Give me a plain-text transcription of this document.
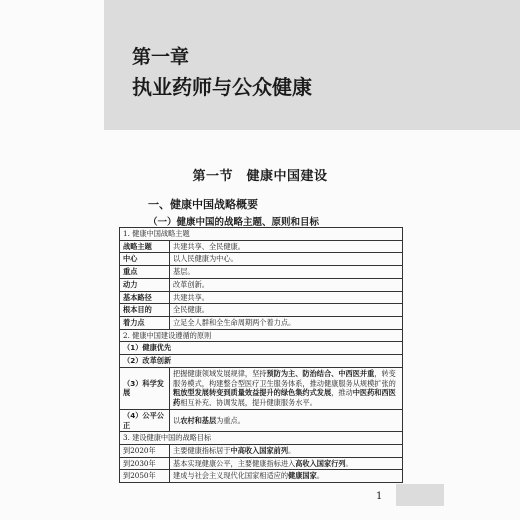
第一章
执业药师与公众健康
第一节　健康中国建设
一、健康中国战略概要
（一）健康中国的战略主题、原则和目标
1. 健康中国战略主题	
战略主题	共建共享、全民健康。
中心	以人民健康为中心。
重点	基层。
动力	改革创新。
基本路径	共建共享。
根本目的	全民健康。
着力点	立足全人群和全生命周期两个着力点。
2. 健康中国建设遵循的原则	
（1）健康优先	
（2）改革创新	
（3）科学发展	把握健康领域发展规律，坚持预防为主、防治结合、中西医并重，转变服务模式，构建整合型医疗卫生服务体系，推动健康服务从规模扩张的粗放型发展转变到质量效益提升的绿色集约式发展，推动中医药和西医药相互补充、协调发展，提升健康服务水平。
（4）公平公正	以农村和基层为重点。
3. 建设健康中国的战略目标	
到2020年	主要健康指标居于中高收入国家前列。
到2030年	基本实现健康公平，主要健康指标进入高收入国家行列。
到2050年	建成与社会主义现代化国家相适应的健康国家。
1
